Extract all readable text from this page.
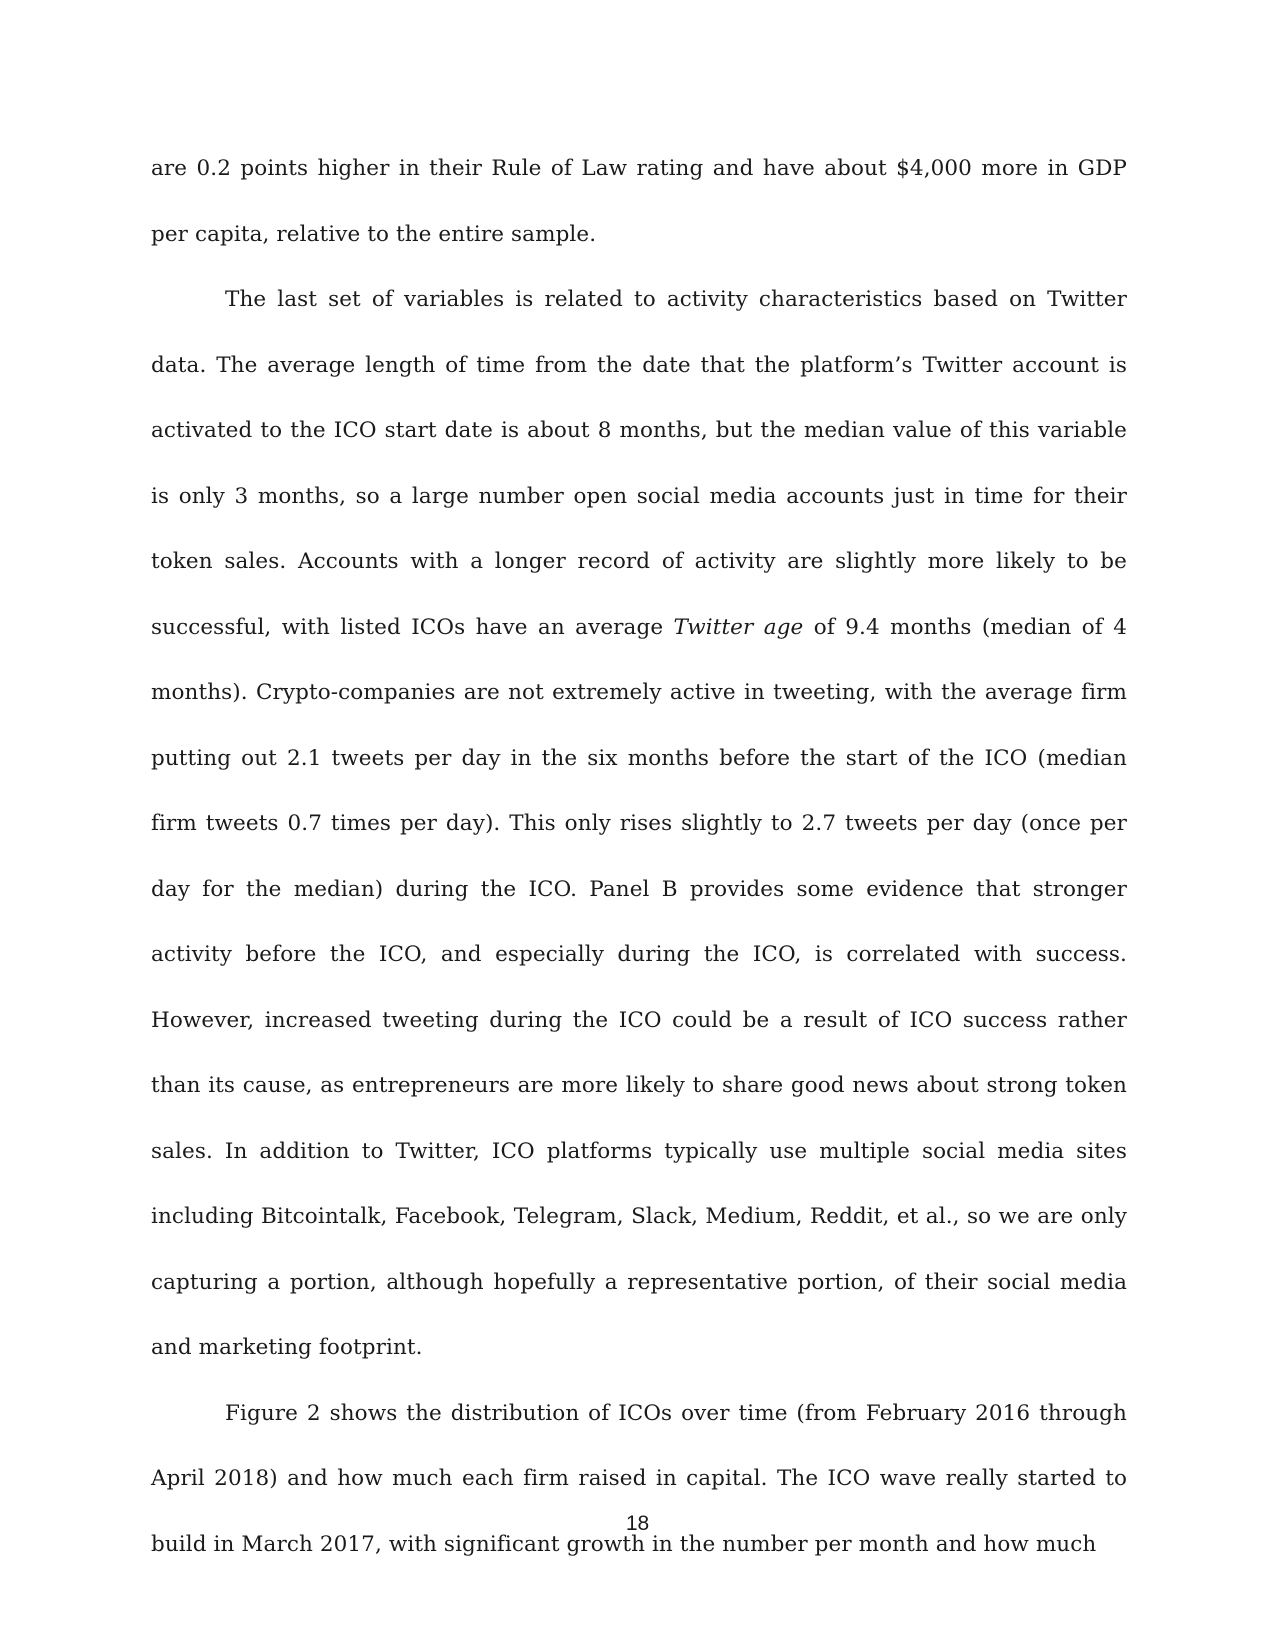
are 0.2 points higher in their Rule of Law rating and have about $4,000 more in GDP per capita, relative to the entire sample.

The last set of variables is related to activity characteristics based on Twitter data. The average length of time from the date that the platform’s Twitter account is activated to the ICO start date is about 8 months, but the median value of this variable is only 3 months, so a large number open social media accounts just in time for their token sales. Accounts with a longer record of activity are slightly more likely to be successful, with listed ICOs have an average Twitter age of 9.4 months (median of 4 months). Crypto-companies are not extremely active in tweeting, with the average firm putting out 2.1 tweets per day in the six months before the start of the ICO (median firm tweets 0.7 times per day). This only rises slightly to 2.7 tweets per day (once per day for the median) during the ICO. Panel B provides some evidence that stronger activity before the ICO, and especially during the ICO, is correlated with success. However, increased tweeting during the ICO could be a result of ICO success rather than its cause, as entrepreneurs are more likely to share good news about strong token sales. In addition to Twitter, ICO platforms typically use multiple social media sites including Bitcointalk, Facebook, Telegram, Slack, Medium, Reddit, et al., so we are only capturing a portion, although hopefully a representative portion, of their social media and marketing footprint.

Figure 2 shows the distribution of ICOs over time (from February 2016 through April 2018) and how much each firm raised in capital. The ICO wave really started to build in March 2017, with significant growth in the number per month and how much

18
